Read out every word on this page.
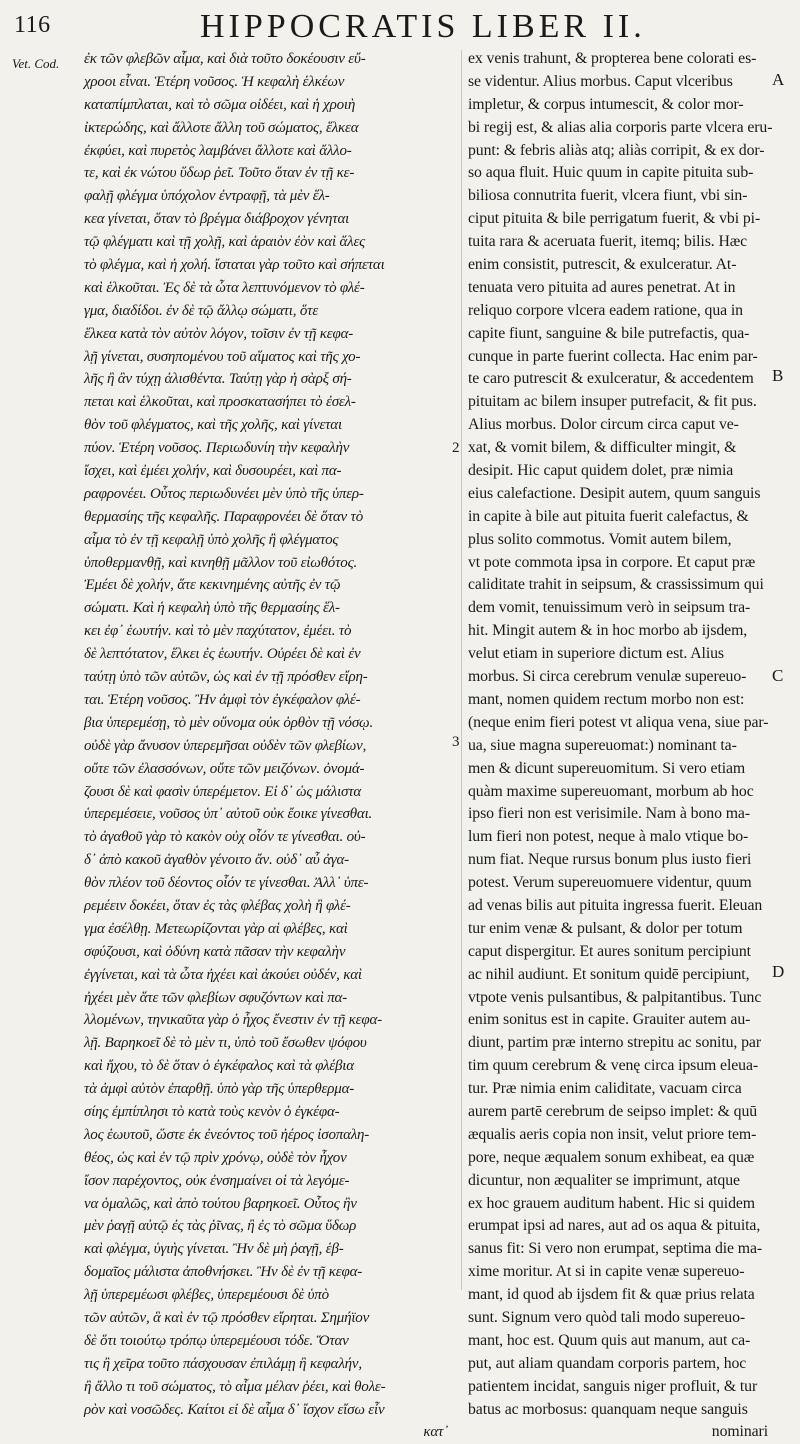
116	HIPPOCRATIS LIBER II.
Vet. Cod. ἐκ τῶν φλεβῶν αἷμα, καὶ διὰ τοῦτο δοκέουσιν εὔ-
χροοι εἶναι. Ἑτέρη νοῦσος. Ἡ κεφαλὴ ἑλκέων
καταπίμπλαται, καὶ τὸ σῶμα οἰδέει, καὶ ἡ χροιὴ
ἰκτερώδης, καὶ ἄλλοτε ἄλλη τοῦ σώματος, ἕλκεα
ἐκφύει, καὶ πυρετὸς λαμβάνει ἄλλοτε καὶ ἄλλο-
τε, καὶ ἐκ νώτου ὕδωρ ῥεῖ. Τοῦτο ὅταν ἐν τῇ κε-
φαλῇ φλέγμα ὑπόχολον ἐντραφῇ, τὰ μὲν ἕλ-
κεα γίνεται, ὅταν τὸ βρέγμα διάβροχον γένηται
τῷ φλέγματι καὶ τῇ χολῇ, καὶ ἀραιὸν ἐὸν καὶ ἅλες
τὸ φλέγμα, καὶ ἡ χολή. ἴσταται γὰρ τοῦτο καὶ σήπεται
καὶ ἑλκοῦται. Ἐς δὲ τὰ ὦτα λεπτυνόμενον τὸ φλέ-
γμα, διαδίδοι. ἐν δὲ τῷ ἄλλῳ σώματι, ὅτε
ἕλκεα κατὰ τὸν αὐτὸν λόγον, τοῖσιν ἐν τῇ κεφα-
λῇ γίνεται, συσηπομένου τοῦ αἵματος καὶ τῆς χο-
λῆς ἢ ἂν τύχῃ ἀλισθέντα. Ταύτῃ γὰρ ἡ σὰρξ σή-
πεται καὶ ἑλκοῦται, καὶ προσκατασήπει τὸ ἐσελ-
θὸν τοῦ φλέγματος, καὶ τῆς χολῆς, καὶ γίνεται
πύον. Ἑτέρη νοῦσος. Περιωδυνίη τὴν κεφαλὴν
ἴσχει, καὶ ἐμέει χολήν, καὶ δυσουρέει, καὶ πα-
ραφρονέει. Οὗτος περιωδυνέει μὲν ὑπὸ τῆς ὑπερ-
θερμασίης τῆς κεφαλῆς. Παραφρονέει δὲ ὅταν τὸ
αἷμα τὸ ἐν τῇ κεφαλῇ ὑπὸ χολῆς ἢ φλέγματος
ὑποθερμανθῇ, καὶ κινηθῇ μᾶλλον τοῦ εἰωθότος.
Ἐμέει δὲ χολήν, ἅτε κεκινημένης αὐτῆς ἐν τῷ
σώματι. Καὶ ἡ κεφαλὴ ὑπὸ τῆς θερμασίης ἕλ-
κει ἐφ᾽ ἑωυτήν. καὶ τὸ μὲν παχύτατον, ἐμέει. τὸ
δὲ λεπτότατον, ἕλκει ἐς ἑωυτήν. Οὐρέει δὲ καὶ ἐν
ταύτῃ ὑπὸ τῶν αὐτῶν, ὡς καὶ ἐν τῇ πρόσθεν εἴρη-
ται. Ἑτέρη νοῦσος. Ἢν ἀμφὶ τὸν ἐγκέφαλον φλέ-
βια ὑπερεμέσῃ, τὸ μὲν οὔνομα οὐκ ὀρθὸν τῇ νόσῳ.
οὐδὲ γὰρ ἄνυσον ὑπερεμῆσαι οὐδὲν τῶν φλεβίων,
οὔτε τῶν ἐλασσόνων, οὔτε τῶν μειζόνων. ὀνομά-
ζουσι δὲ καὶ φασὶν ὑπερέμετον. Εἰ δ᾽ ὡς μάλιστα
ὑπερεμέσειε, νοῦσος ὑπ᾽ αὐτοῦ οὐκ ἔοικε γίνεσθαι.
τὸ ἀγαθοῦ γὰρ τὸ κακὸν οὐχ οἷόν τε γίνεσθαι. οὐ-
δ᾽ ἀπὸ κακοῦ ἀγαθὸν γένοιτο ἄν. οὐδ᾽ αὖ ἀγα-
θὸν πλέον τοῦ δέοντος οἷόν τε γίνεσθαι. Ἀλλ᾽ ὑπε-
ρεμέειν δοκέει, ὅταν ἐς τὰς φλέβας χολὴ ἢ φλέ-
γμα ἐσέλθῃ. Μετεωρίζονται γὰρ αἱ φλέβες, καὶ
σφύζουσι, καὶ ὀδύνη κατὰ πᾶσαν τὴν κεφαλὴν
ἐγγίνεται, καὶ τὰ ὦτα ἠχέει καὶ ἀκούει οὐδέν, καὶ
ἠχέει μὲν ἅτε τῶν φλεβίων σφυζόντων καὶ πα-
λλομένων, τηνικαῦτα γὰρ ὁ ἦχος ἔνεστιν ἐν τῇ κεφα-
λῇ. Βαρηκοεῖ δὲ τὸ μὲν τι, ὑπὸ τοῦ ἔσωθεν ψόφου
καὶ ἤχου, τὸ δὲ ὅταν ὁ ἐγκέφαλος καὶ τὰ φλέβια
τὰ ἀμφὶ αὐτὸν ἐπαρθῇ. ὑπὸ γὰρ τῆς ὑπερθερμα-
σίης ἐμπίπλησι τὸ κατὰ τοὺς κενὸν ὁ ἐγκέφα-
λος ἑωυτοῦ, ὥστε ἐκ ἐνεόντος τοῦ ἠέρος ἰσοπαλη-
θέος, ὡς καὶ ἐν τῷ πρὶν χρόνῳ, οὐδὲ τὸν ἦχον
ἴσον παρέχοντος, οὐκ ἐνσημαίνει οἱ τὰ λεγόμε-
να ὁμαλῶς, καὶ ἀπὸ τούτου βαρηκοεῖ. Οὗτος ἢν
μὲν ῥαγῇ αὐτῷ ἐς τὰς ῥῖνας, ἢ ἐς τὸ σῶμα ὕδωρ
καὶ φλέγμα, ὑγιὴς γίνεται. Ἢν δὲ μὴ ῥαγῇ, ἑβ-
δομαῖος μάλιστα ἀποθνήσκει. Ἢν δὲ ἐν τῇ κεφα-
λῇ ὑπερεμέωσι φλέβες, ὑπερεμέουσι δὲ ὑπὸ
τῶν αὐτῶν, ἃ καὶ ἐν τῷ πρόσθεν εἴρηται. Σημήϊον
δὲ ὅτι τοιούτῳ τρόπῳ ὑπερεμέουσι τόδε. Ὅταν
τις ἢ χεῖρα τοῦτο πάσχουσαν ἐπιλάμῃ ἢ κεφαλήν,
ἢ ἄλλο τι τοῦ σώματος, τὸ αἷμα μέλαν ῥέει, καὶ θολε-
ρὸν καὶ νοσῶδες. Καίτοι εἰ δὲ αἷμα δ᾽ ἴσχον εἴσω εἶν
κατ᾽
ex venis trahunt, & propterea bene colorati es-
se videntur. Alius morbus. Caput vlceribus
impletur, & corpus intumescit, & color mor-
bi regij est, & alias alia corporis parte vlcera eru-
punt: & febris aliàs atq; aliàs corripit, & ex dor-
so aqua fluit. Huic quum in capite pituita sub-
biliosa connutrita fuerit, vlcera fiunt, vbi sin-
ciput pituita & bile perrigatum fuerit, & vbi pi-
tuita rara & aceruata fuerit, itemq; bilis. Hæc
enim consistit, putrescit, & exulceratur. At-
tenuata vero pituita ad aures penetrat. At in
reliquo corpore vlcera eadem ratione, qua in
capite fiunt, sanguine & bile putrefactis, qua-
cunque in parte fuerint collecta. Hac enim par-
te caro putrescit & exulceratur, & accedentem
pituitam ac bilem insuper putrefacit, & fit pus.
Alius morbus. Dolor circum circa caput ve-
xat, & vomit bilem, & difficulter mingit, &
desipit. Hic caput quidem dolet, præ nimia
eius calefactione. Desipit autem, quum sanguis
in capite à bile aut pituita fuerit calefactus, &
plus solito commotus. Vomit autem bilem,
vt pote commota ipsa in corpore. Et caput præ
caliditate trahit in seipsum, & crassissimum qui
dem vomit, tenuissimum verò in seipsum tra-
hit. Mingit autem & in hoc morbo ab ijsdem,
velut etiam in superiore dictum est. Alius
morbus. Si circa cerebrum venulæ supereuo-
mant, nomen quidem rectum morbo non est:
(neque enim fieri potest vt aliqua vena, siue par-
ua, siue magna supereuomat:) nominant ta-
men & dicunt supereuomitum. Si vero etiam
quàm maxime supereuomant, morbum ab hoc
ipso fieri non est verisimile. Nam à bono ma-
lum fieri non potest, neque à malo vtique bo-
num fiat. Neque rursus bonum plus iusto fieri
potest. Verum supereuomuere videntur, quum
ad venas bilis aut pituita ingressa fuerit. Eleuan
tur enim venæ & pulsant, & dolor per totum
caput dispergitur. Et aures sonitum percipiunt
ac nihil audiunt. Et sonitum quidē percipiunt,
vtpote venis pulsantibus, & palpitantibus. Tunc
enim sonitus est in capite. Grauiter autem au-
diunt, partim præ interno strepitu ac sonitu, par
tim quum cerebrum & venę circa ipsum eleua-
tur. Præ nimia enim caliditate, vacuam circa
aurem partē cerebrum de seipso implet: & quū
æqualis aeris copia non insit, velut priore tem-
pore, neque æqualem sonum exhibeat, ea quæ
dicuntur, non æqualiter se imprimunt, atque
ex hoc grauem auditum habent. Hic si quidem
erumpat ipsi ad nares, aut ad os aqua & pituita,
sanus fit: Si vero non erumpat, septima die ma-
xime moritur. At si in capite venæ supereuo-
mant, id quod ab ijsdem fit & quæ prius relata
sunt. Signum vero quòd tali modo supereuo-
mant, hoc est. Quum quis aut manum, aut ca-
put, aut aliam quandam corporis partem, hoc
patientem incidat, sanguis niger profluit, & tur
batus ac morbosus: quanquam neque sanguis
nominari
A
B
C
D
2
3
